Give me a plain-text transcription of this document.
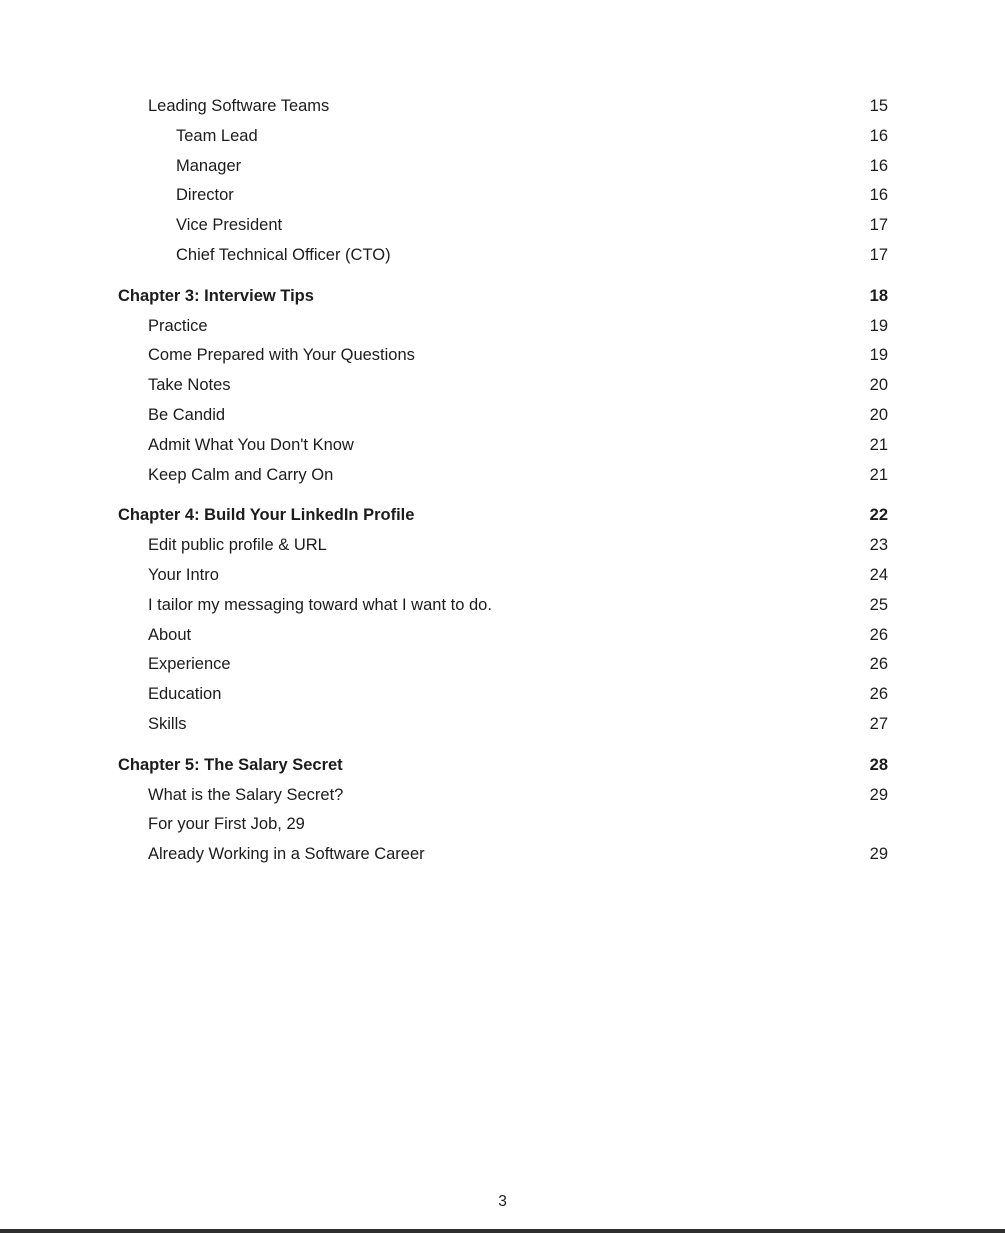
Leading Software Teams	15
Team Lead	16
Manager	16
Director	16
Vice President	17
Chief Technical Officer (CTO)	17
Chapter 3: Interview Tips	18
Practice	19
Come Prepared with Your Questions	19
Take Notes	20
Be Candid	20
Admit What You Don't Know	21
Keep Calm and Carry On	21
Chapter 4: Build Your LinkedIn Profile	22
Edit public profile & URL	23
Your Intro	24
I tailor my messaging toward what I want to do.	25
About	26
Experience	26
Education	26
Skills	27
Chapter 5: The Salary Secret	28
What is the Salary Secret?	29
For your First Job, 29
Already Working in a Software Career	29
3
